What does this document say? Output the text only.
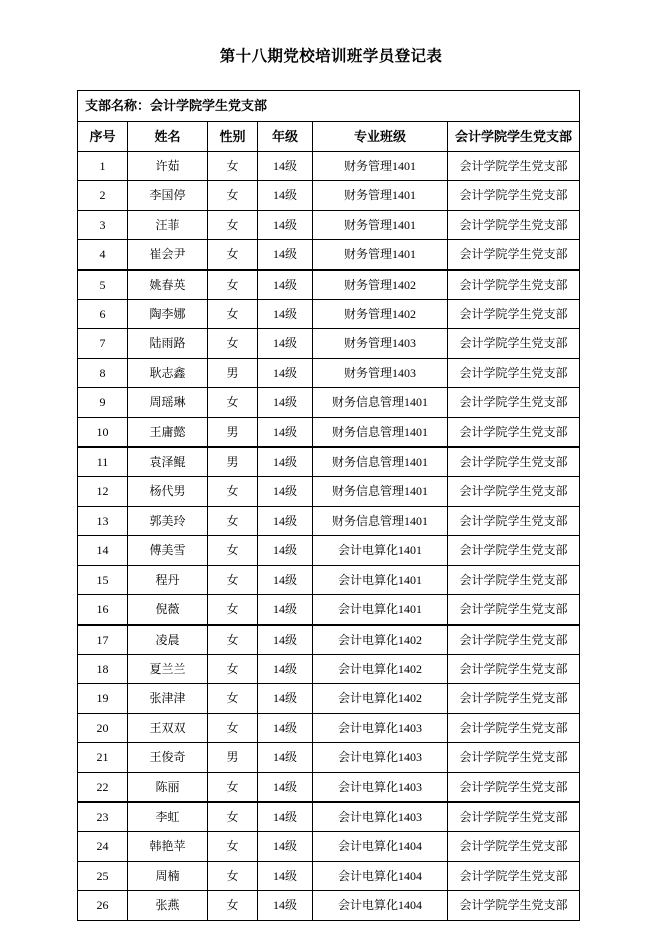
第十八期党校培训班学员登记表
支部名称：会计学院学生党支部					
序号	姓名	性别	年级	专业班级	会计学院学生党支部
1	许茹	女	14级	财务管理1401	会计学院学生党支部
2	李国停	女	14级	财务管理1401	会计学院学生党支部
3	汪菲	女	14级	财务管理1401	会计学院学生党支部
4	崔会尹	女	14级	财务管理1401	会计学院学生党支部
5	姚春英	女	14级	财务管理1402	会计学院学生党支部
6	陶李娜	女	14级	财务管理1402	会计学院学生党支部
7	陆雨路	女	14级	财务管理1403	会计学院学生党支部
8	耿志鑫	男	14级	财务管理1403	会计学院学生党支部
9	周瑶琳	女	14级	财务信息管理1401	会计学院学生党支部
10	王庸懿	男	14级	财务信息管理1401	会计学院学生党支部
11	袁泽鲲	男	14级	财务信息管理1401	会计学院学生党支部
12	杨代男	女	14级	财务信息管理1401	会计学院学生党支部
13	郭美玲	女	14级	财务信息管理1401	会计学院学生党支部
14	傅美雪	女	14级	会计电算化1401	会计学院学生党支部
15	程丹	女	14级	会计电算化1401	会计学院学生党支部
16	倪薇	女	14级	会计电算化1401	会计学院学生党支部
17	凌晨	女	14级	会计电算化1402	会计学院学生党支部
18	夏兰兰	女	14级	会计电算化1402	会计学院学生党支部
19	张津津	女	14级	会计电算化1402	会计学院学生党支部
20	王双双	女	14级	会计电算化1403	会计学院学生党支部
21	王俊奇	男	14级	会计电算化1403	会计学院学生党支部
22	陈丽	女	14级	会计电算化1403	会计学院学生党支部
23	李虹	女	14级	会计电算化1403	会计学院学生党支部
24	韩艳苹	女	14级	会计电算化1404	会计学院学生党支部
25	周楠	女	14级	会计电算化1404	会计学院学生党支部
26	张燕	女	14级	会计电算化1404	会计学院学生党支部
